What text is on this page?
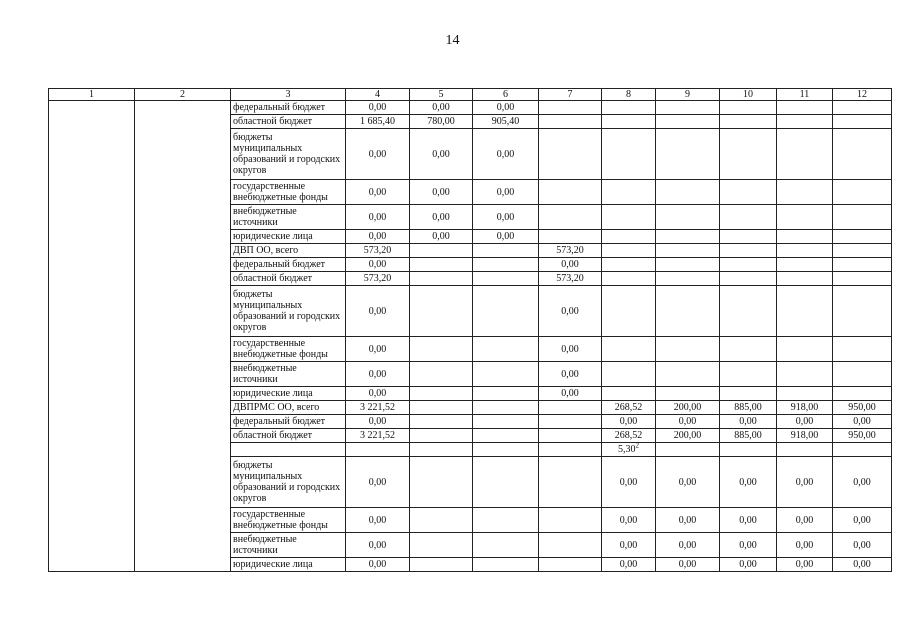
14
1	2	3	4	5	6	7	8	9	10	11	12
		федеральный бюджет	0,00	0,00	0,00						
		областной бюджет	1 685,40	780,00	905,40						
		бюджеты муниципальных образований и городских округов	0,00	0,00	0,00						
		государственные внебюджетные фонды	0,00	0,00	0,00						
		внебюджетные источники	0,00	0,00	0,00						
		юридические лица	0,00	0,00	0,00						
		ДВП ОО, всего	573,20			573,20					
		федеральный бюджет	0,00			0,00					
		областной бюджет	573,20			573,20					
		бюджеты муниципальных образований и городских округов	0,00			0,00					
		государственные внебюджетные фонды	0,00			0,00					
		внебюджетные источники	0,00			0,00					
		юридические лица	0,00			0,00					
		ДВПРМС ОО, всего	3 221,52				268,52	200,00	885,00	918,00	950,00
		федеральный бюджет	0,00				0,00	0,00	0,00	0,00	0,00
		областной бюджет	3 221,52				268,52	200,00	885,00	918,00	950,00
							5,30$^2$				
		бюджеты муниципальных образований и городских округов	0,00				0,00	0,00	0,00	0,00	0,00
		государственные внебюджетные фонды	0,00				0,00	0,00	0,00	0,00	0,00
		внебюджетные источники	0,00				0,00	0,00	0,00	0,00	0,00
		юридические лица	0,00				0,00	0,00	0,00	0,00	0,00
